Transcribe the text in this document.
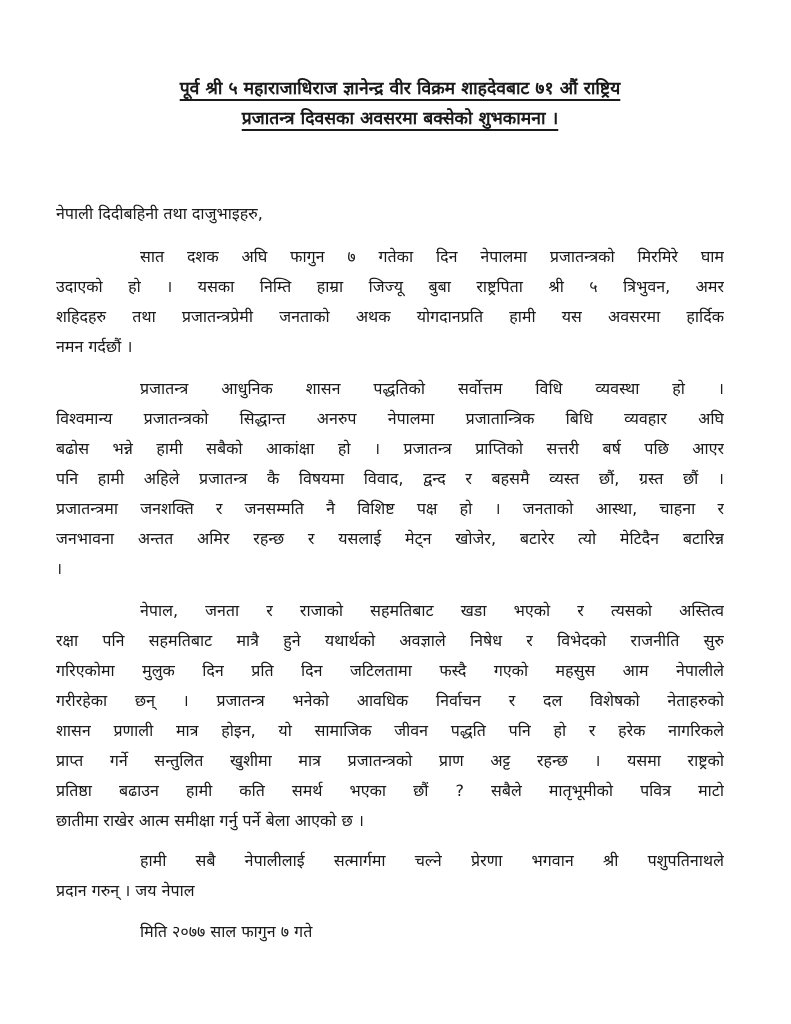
पूर्व श्री ५ महाराजाधिराज ज्ञानेन्द्र वीर विक्रम शाहदेवबाट ७१ औं राष्ट्रिय
प्रजातन्त्र दिवसका अवसरमा बक्सेको शुभकामना ।
नेपाली दिदीबहिनी तथा दाजुभाइहरु,
सात दशक अघि फागुन ७ गतेका दिन नेपालमा प्रजातन्त्रको मिरमिरे घाम
उदाएको हो । यसका निम्ति हाम्रा जिज्यू बुबा राष्ट्रपिता श्री ५ त्रिभुवन, अमर
शहिदहरु तथा प्रजातन्त्रप्रेमी जनताको अथक योगदानप्रति हामी यस अवसरमा हार्दिक
नमन गर्दछौं ।
प्रजातन्त्र आधुनिक शासन पद्धतिको सर्वोत्तम विधि व्यवस्था हो ।
विश्वमान्य प्रजातन्त्रको सिद्धान्त अनरुप नेपालमा प्रजातान्त्रिक बिधि व्यवहार अघि
बढोस भन्ने हामी सबैको आकांक्षा हो । प्रजातन्त्र प्राप्तिको सत्तरी बर्ष पछि आएर
पनि हामी अहिले प्रजातन्त्र कै विषयमा विवाद, द्वन्द र बहसमै व्यस्त छौं, ग्रस्त छौं ।
प्रजातन्त्रमा जनशक्ति र जनसम्मति नै विशिष्ट पक्ष हो । जनताको आस्था, चाहना र
जनभावना अन्तत अमिर रहन्छ र यसलाई मेट्न खोजेर, बटारेर त्यो मेटिदैन बटारिन्न
।
नेपाल, जनता र राजाको सहमतिबाट खडा भएको र त्यसको अस्तित्व
रक्षा पनि सहमतिबाट मात्रै हुने यथार्थको अवज्ञाले निषेध र विभेदको राजनीति सुरु
गरिएकोमा मुलुक दिन प्रति दिन जटिलतामा फस्दै गएको महसुस आम नेपालीले
गरीरहेका छन् । प्रजातन्त्र भनेको आवधिक निर्वाचन र दल विशेषको नेताहरुको
शासन प्रणाली मात्र होइन, यो सामाजिक जीवन पद्धति पनि हो र हरेक नागरिकले
प्राप्त गर्ने सन्तुलित खुशीमा मात्र प्रजातन्त्रको प्राण अट्ट रहन्छ । यसमा राष्ट्रको
प्रतिष्ठा बढाउन हामी कति समर्थ भएका छौं ? सबैले मातृभूमीको पवित्र माटो
छातीमा राखेर आत्म समीक्षा गर्नु पर्ने बेला आएको छ ।
हामी सबै नेपालीलाई सत्मार्गमा चल्ने प्रेरणा भगवान श्री पशुपतिनाथले
प्रदान गरुन् । जय नेपाल
मिति २०७७ साल फागुन ७ गते
